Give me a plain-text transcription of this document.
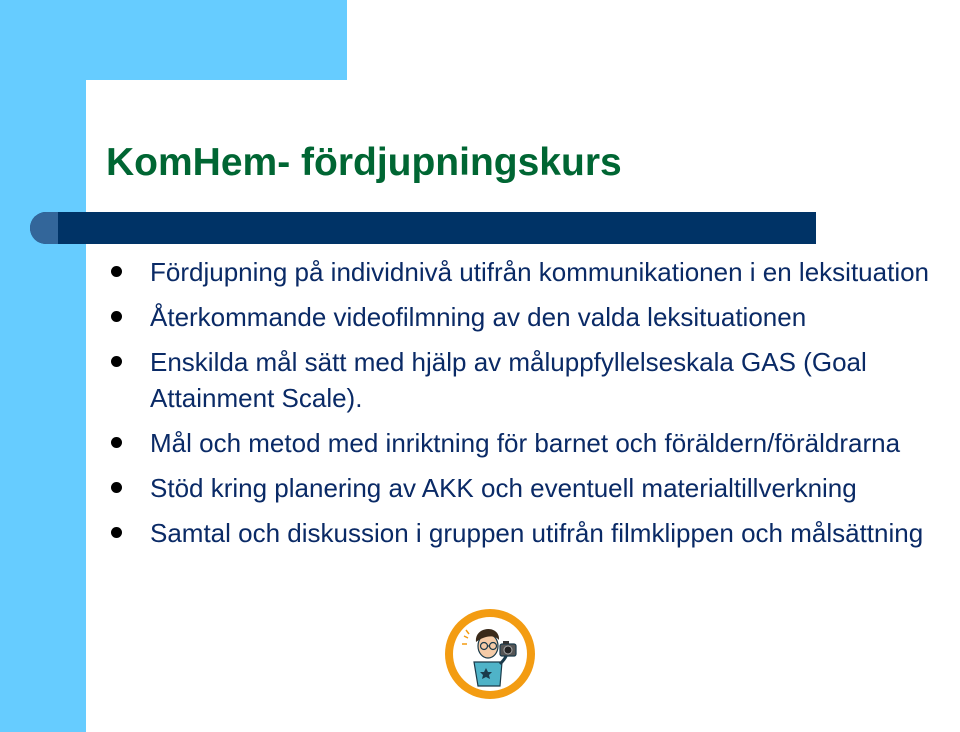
KomHem- fördjupningskurs
Fördjupning på individnivå utifrån kommunikationen i en leksituation
Återkommande videofilmning av den valda leksituationen
Enskilda mål sätt med hjälp av måluppfyllelseskala GAS (Goal Attainment Scale).
Mål och metod med inriktning för barnet och föräldern/föräldrarna
Stöd kring planering av AKK och eventuell materialtillverkning
Samtal och diskussion i gruppen utifrån filmklippen och målsättning
